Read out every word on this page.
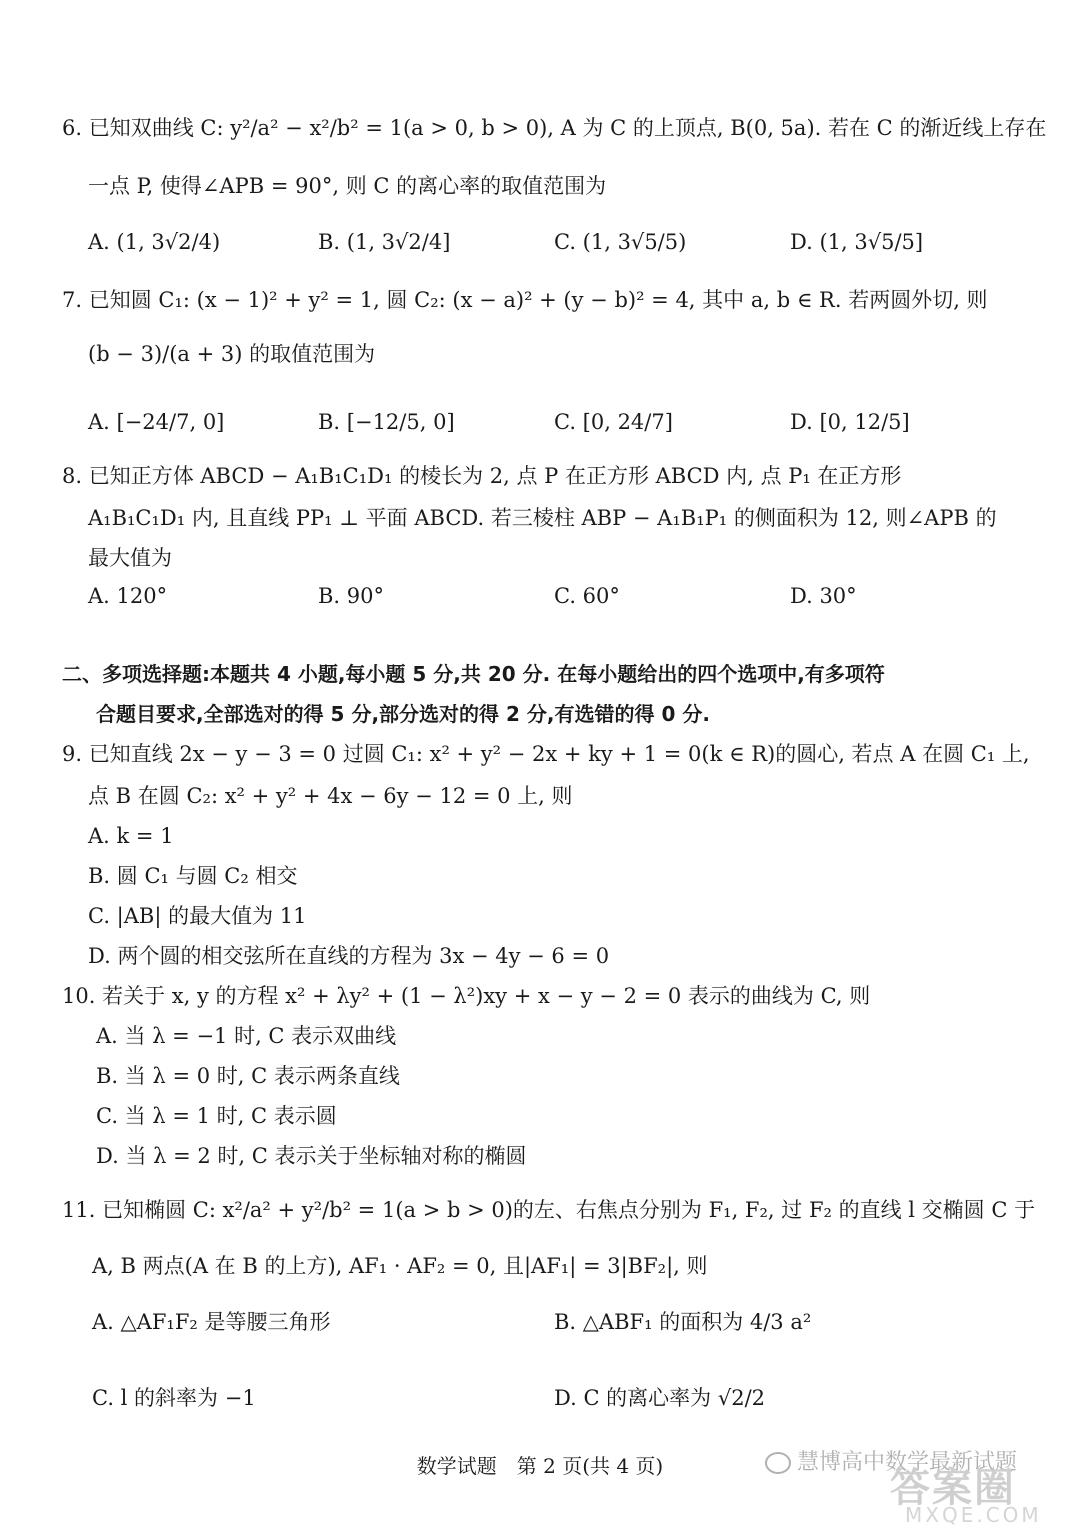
6. 已知双曲线 C: y²/a² − x²/b² = 1(a > 0, b > 0), A 为 C 的上顶点, B(0, 5a). 若在 C 的渐近线上存在
一点 P, 使得∠APB = 90°, 则 C 的离心率的取值范围为
A. (1, 3√2/4)	B. (1, 3√2/4]	C. (1, 3√5/5)	D. (1, 3√5/5]
7. 已知圆 C₁: (x − 1)² + y² = 1, 圆 C₂: (x − a)² + (y − b)² = 4, 其中 a, b ∈ R. 若两圆外切, 则
(b − 3)/(a + 3) 的取值范围为
A. [−24/7, 0]	B. [−12/5, 0]	C. [0, 24/7]	D. [0, 12/5]
8. 已知正方体 ABCD − A₁B₁C₁D₁ 的棱长为 2, 点 P 在正方形 ABCD 内, 点 P₁ 在正方形
A₁B₁C₁D₁ 内, 且直线 PP₁ ⊥ 平面 ABCD. 若三棱柱 ABP − A₁B₁P₁ 的侧面积为 12, 则∠APB 的
最大值为
A. 120°	B. 90°	C. 60°	D. 30°
二、多项选择题:本题共 4 小题,每小题 5 分,共 20 分. 在每小题给出的四个选项中,有多项符
合题目要求,全部选对的得 5 分,部分选对的得 2 分,有选错的得 0 分.
9. 已知直线 2x − y − 3 = 0 过圆 C₁: x² + y² − 2x + ky + 1 = 0(k ∈ R)的圆心, 若点 A 在圆 C₁ 上,
点 B 在圆 C₂: x² + y² + 4x − 6y − 12 = 0 上, 则
A. k = 1
B. 圆 C₁ 与圆 C₂ 相交
C. |AB| 的最大值为 11
D. 两个圆的相交弦所在直线的方程为 3x − 4y − 6 = 0
10. 若关于 x, y 的方程 x² + λy² + (1 − λ²)xy + x − y − 2 = 0 表示的曲线为 C, 则
A. 当 λ = −1 时, C 表示双曲线
B. 当 λ = 0 时, C 表示两条直线
C. 当 λ = 1 时, C 表示圆
D. 当 λ = 2 时, C 表示关于坐标轴对称的椭圆
11. 已知椭圆 C: x²/a² + y²/b² = 1(a > b > 0)的左、右焦点分别为 F₁, F₂, 过 F₂ 的直线 l 交椭圆 C 于
A, B 两点(A 在 B 的上方), AF₁ · AF₂ = 0, 且|AF₁| = 3|BF₂|, 则
A. △AF₁F₂ 是等腰三角形	B. △ABF₁ 的面积为 4/3 a²
C. l 的斜率为 −1	D. C 的离心率为 √2/2
数学试题　第 2 页(共 4 页)	慧博高中数学最新试题
答案圈
MXQE.COM
